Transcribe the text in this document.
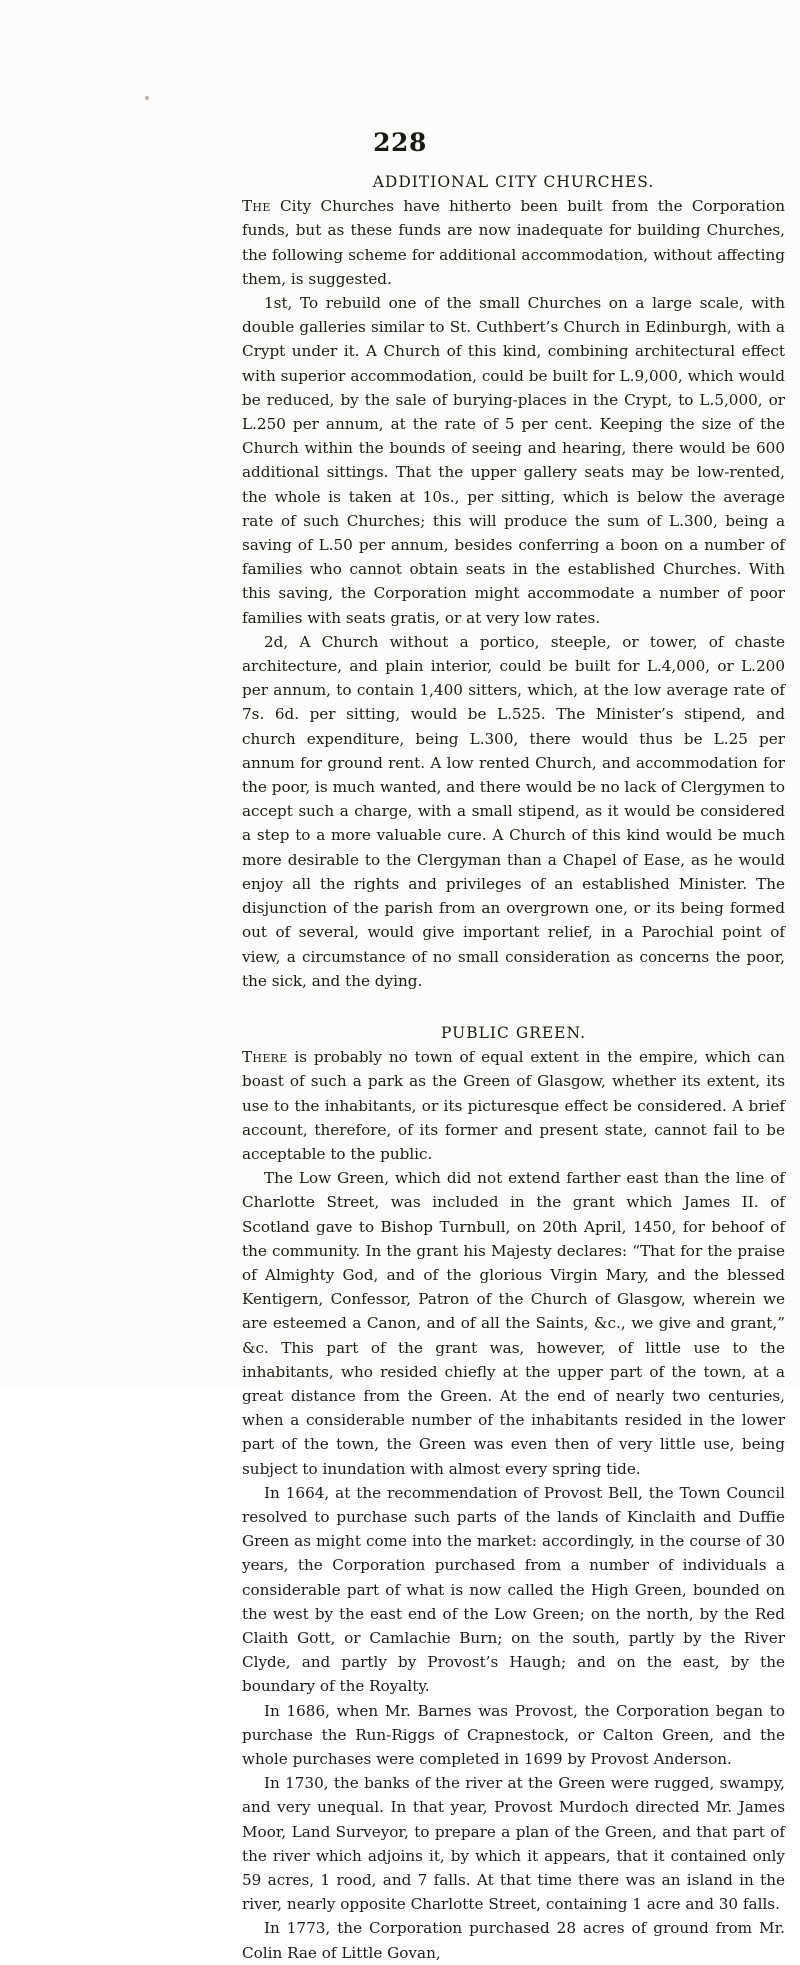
228
ADDITIONAL CITY CHURCHES.

The City Churches have hitherto been built from the Corporation funds, but as these funds are now inadequate for building Churches, the following scheme for additional accommodation, without affecting them, is suggested.

1st, To rebuild one of the small Churches on a large scale, with double galleries similar to St. Cuthbert’s Church in Edinburgh, with a Crypt under it. A Church of this kind, combining architectural effect with superior accommodation, could be built for L.9,000, which would be reduced, by the sale of burying-places in the Crypt, to L.5,000, or L.250 per annum, at the rate of 5 per cent. Keeping the size of the Church within the bounds of seeing and hearing, there would be 600 additional sittings. That the upper gallery seats may be low-rented, the whole is taken at 10s., per sitting, which is below the average rate of such Churches; this will produce the sum of L.300, being a saving of L.50 per annum, besides conferring a boon on a number of families who cannot obtain seats in the established Churches. With this saving, the Corporation might accommodate a number of poor families with seats gratis, or at very low rates.

2d, A Church without a portico, steeple, or tower, of chaste architecture, and plain interior, could be built for L.4,000, or L.200 per annum, to contain 1,400 sitters, which, at the low average rate of 7s. 6d. per sitting, would be L.525. The Minister’s stipend, and church expenditure, being L.300, there would thus be L.25 per annum for ground rent. A low rented Church, and accommodation for the poor, is much wanted, and there would be no lack of Clergymen to accept such a charge, with a small stipend, as it would be considered a step to a more valuable cure. A Church of this kind would be much more desirable to the Clergyman than a Chapel of Ease, as he would enjoy all the rights and privileges of an established Minister. The disjunction of the parish from an overgrown one, or its being formed out of several, would give important relief, in a Parochial point of view, a circumstance of no small consideration as concerns the poor, the sick, and the dying.

PUBLIC GREEN.

There is probably no town of equal extent in the empire, which can boast of such a park as the Green of Glasgow, whether its extent, its use to the inhabitants, or its picturesque effect be considered. A brief account, therefore, of its former and present state, cannot fail to be acceptable to the public.

The Low Green, which did not extend farther east than the line of Charlotte Street, was included in the grant which James II. of Scotland gave to Bishop Turnbull, on 20th April, 1450, for behoof of the community. In the grant his Majesty declares: “That for the praise of Almighty God, and of the glorious Virgin Mary, and the blessed Kentigern, Confessor, Patron of the Church of Glasgow, wherein we are esteemed a Canon, and of all the Saints, &c., we give and grant,” &c. This part of the grant was, however, of little use to the inhabitants, who resided chiefly at the upper part of the town, at a great distance from the Green. At the end of nearly two centuries, when a considerable number of the inhabitants resided in the lower part of the town, the Green was even then of very little use, being subject to inundation with almost every spring tide.

In 1664, at the recommendation of Provost Bell, the Town Council resolved to purchase such parts of the lands of Kinclaith and Duffie Green as might come into the market: accordingly, in the course of 30 years, the Corporation purchased from a number of individuals a considerable part of what is now called the High Green, bounded on the west by the east end of the Low Green; on the north, by the Red Claith Gott, or Camlachie Burn; on the south, partly by the River Clyde, and partly by Provost’s Haugh; and on the east, by the boundary of the Royalty.

In 1686, when Mr. Barnes was Provost, the Corporation began to purchase the Run-Riggs of Crapnestock, or Calton Green, and the whole purchases were completed in 1699 by Provost Anderson.

In 1730, the banks of the river at the Green were rugged, swampy, and very unequal. In that year, Provost Murdoch directed Mr. James Moor, Land Surveyor, to prepare a plan of the Green, and that part of the river which adjoins it, by which it appears, that it contained only 59 acres, 1 rood, and 7 falls. At that time there was an island in the river, nearly opposite Charlotte Street, containing 1 acre and 30 falls.

In 1773, the Corporation purchased 28 acres of ground from Mr. Colin Rae of Little Govan,
